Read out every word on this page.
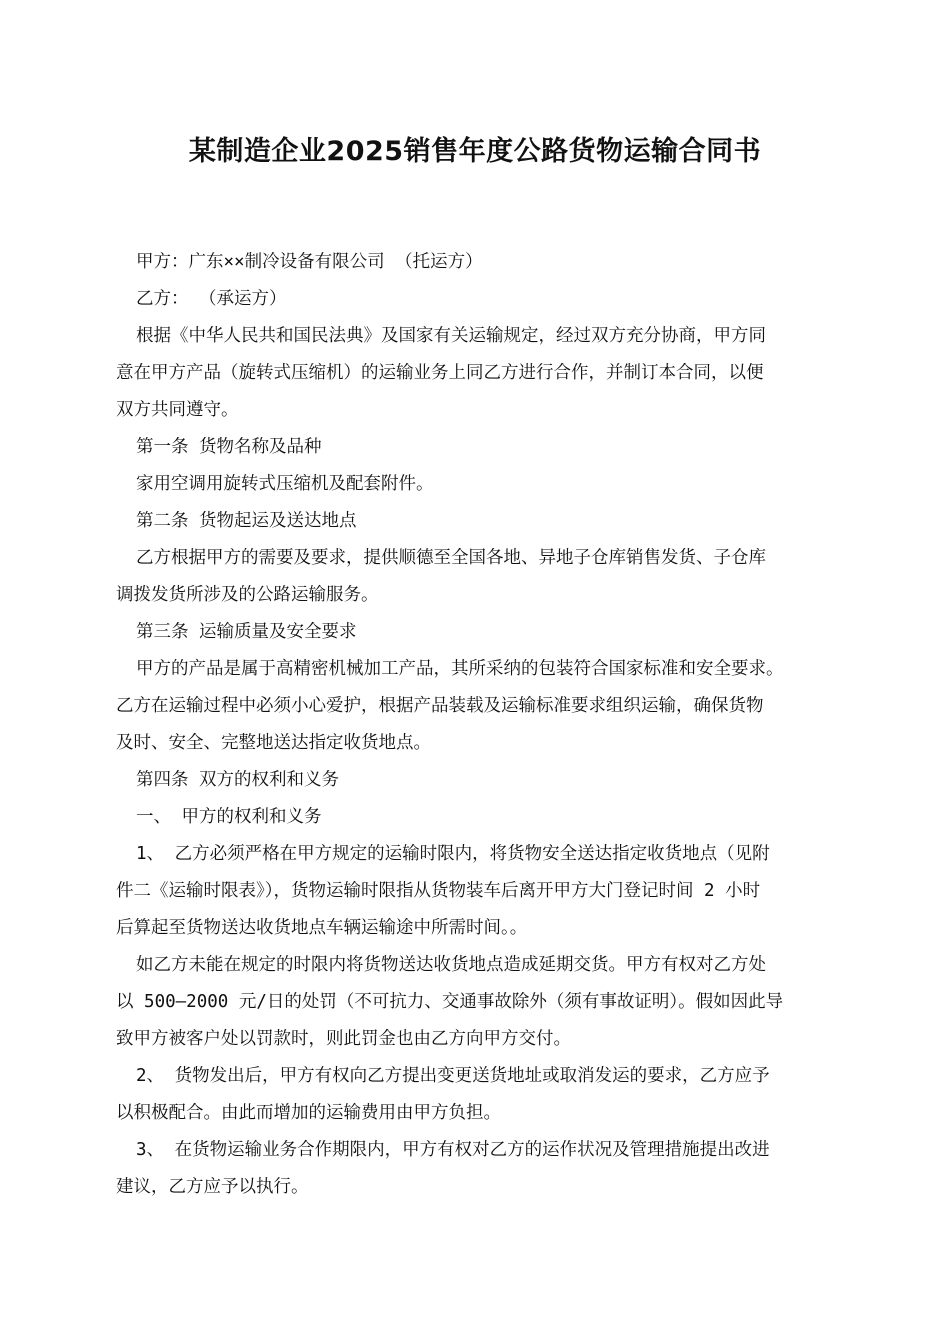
某制造企业2025销售年度公路货物运输合同书

甲方：广东××制冷设备有限公司 （托运方）

乙方： （承运方）

根据《中华人民共和国民法典》及国家有关运输规定，经过双方充分协商，甲方同

意在甲方产品（旋转式压缩机）的运输业务上同乙方进行合作，并制订本合同，以便

双方共同遵守。

第一条 货物名称及品种

家用空调用旋转式压缩机及配套附件。

第二条 货物起运及送达地点

乙方根据甲方的需要及要求，提供顺德至全国各地、异地子仓库销售发货、子仓库

调拨发货所涉及的公路运输服务。

第三条 运输质量及安全要求

甲方的产品是属于高精密机械加工产品，其所采纳的包装符合国家标准和安全要求。

乙方在运输过程中必须小心爱护，根据产品装载及运输标准要求组织运输，确保货物

及时、安全、完整地送达指定收货地点。

第四条 双方的权利和义务

一、 甲方的权利和义务

1、 乙方必须严格在甲方规定的运输时限内，将货物安全送达指定收货地点（见附

件二《运输时限表》），货物运输时限指从货物装车后离开甲方大门登记时间 2 小时

后算起至货物送达收货地点车辆运输途中所需时间。。

如乙方未能在规定的时限内将货物送达收货地点造成延期交货。甲方有权对乙方处

以 500—2000 元/日的处罚（不可抗力、交通事故除外（须有事故证明）。假如因此导

致甲方被客户处以罚款时，则此罚金也由乙方向甲方交付。

2、 货物发出后，甲方有权向乙方提出变更送货地址或取消发运的要求，乙方应予

以积极配合。由此而增加的运输费用由甲方负担。

3、 在货物运输业务合作期限内，甲方有权对乙方的运作状况及管理措施提出改进

建议，乙方应予以执行。
